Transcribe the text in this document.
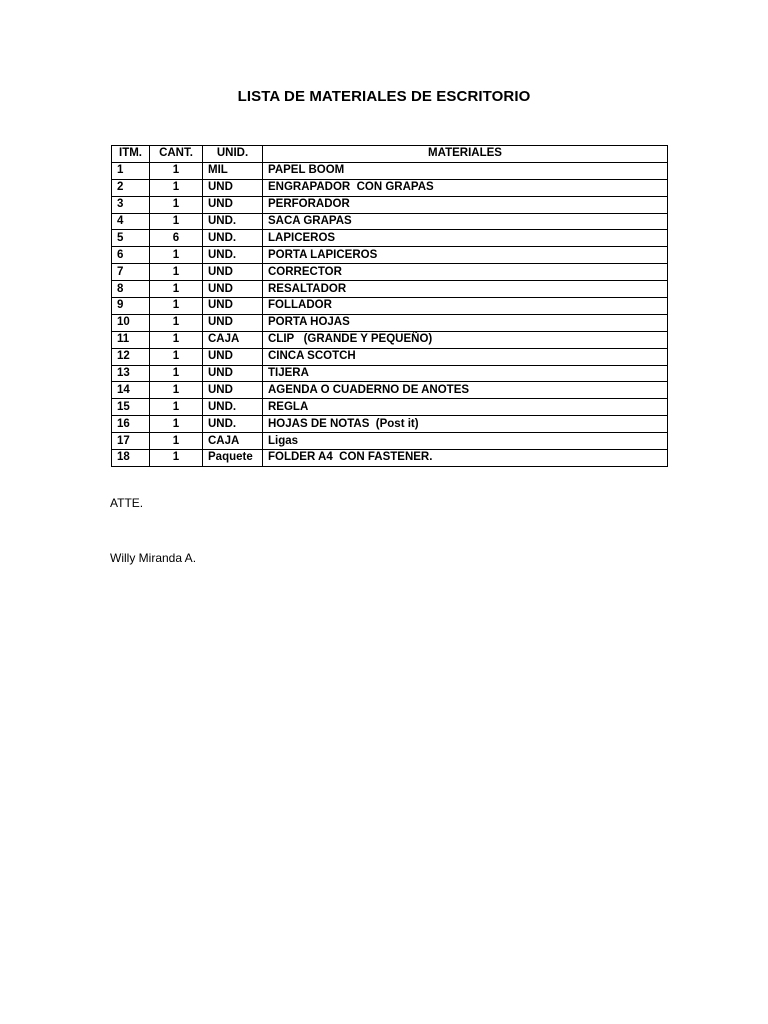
LISTA DE MATERIALES DE ESCRITORIO
ITM.	CANT.	UNID.	MATERIALES
1	1	MIL	PAPEL BOOM
2	1	UND	ENGRAPADOR  CON GRAPAS
3	1	UND	PERFORADOR
4	1	UND.	SACA GRAPAS
5	6	UND.	LAPICEROS
6	1	UND.	PORTA LAPICEROS
7	1	UND	CORRECTOR
8	1	UND	RESALTADOR
9	1	UND	FOLLADOR
10	1	UND	PORTA HOJAS
11	1	CAJA	CLIP   (GRANDE Y PEQUEÑO)
12	1	UND	CINCA SCOTCH
13	1	UND	TIJERA
14	1	UND	AGENDA O CUADERNO DE ANOTES
15	1	UND.	REGLA
16	1	UND.	HOJAS DE NOTAS  (Post it)
17	1	CAJA	Ligas
18	1	Paquete	FOLDER A4  CON FASTENER.
ATTE.
Willy Miranda A.
